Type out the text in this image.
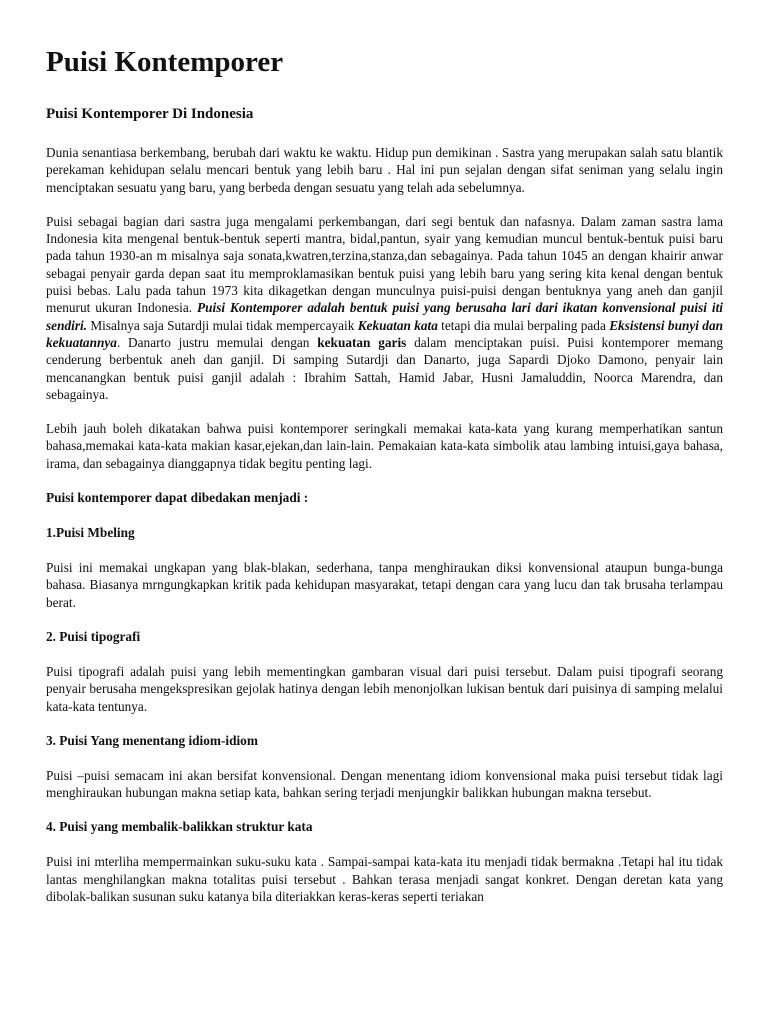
Puisi Kontemporer
Puisi Kontemporer Di Indonesia

Dunia senantiasa berkembang, berubah dari waktu ke waktu. Hidup pun demikinan . Sastra yang merupakan salah satu blantik perekaman kehidupan selalu mencari bentuk yang lebih baru . Hal ini pun sejalan dengan sifat seniman yang selalu ingin menciptakan sesuatu yang baru, yang berbeda dengan sesuatu yang telah ada sebelumnya.

Puisi sebagai bagian dari sastra juga mengalami perkembangan, dari segi bentuk dan nafasnya. Dalam zaman sastra lama Indonesia kita mengenal bentuk-bentuk seperti mantra, bidal,pantun, syair yang kemudian muncul bentuk-bentuk puisi baru pada tahun 1930-an m misalnya saja sonata,kwatren,terzina,stanza,dan sebagainya. Pada tahun 1045 an dengan khairir anwar sebagai penyair garda depan saat itu memproklamasikan bentuk puisi yang lebih baru yang sering kita kenal dengan bentuk puisi bebas. Lalu pada tahun 1973 kita dikagetkan dengan munculnya puisi-puisi dengan bentuknya yang aneh dan ganjil menurut ukuran Indonesia. Puisi Kontemporer adalah bentuk puisi yang berusaha lari dari ikatan konvensional puisi iti sendiri. Misalnya saja Sutardji mulai tidak mempercayaik Kekuatan kata tetapi dia mulai berpaling pada Eksistensi bunyi dan kekuatannya. Danarto justru memulai dengan kekuatan garis dalam menciptakan puisi. Puisi kontemporer memang cenderung berbentuk aneh dan ganjil. Di samping Sutardji dan Danarto, juga Sapardi Djoko Damono, penyair lain mencanangkan bentuk puisi ganjil adalah : Ibrahim Sattah, Hamid Jabar, Husni Jamaluddin, Noorca Marendra, dan sebagainya.

Lebih jauh boleh dikatakan bahwa puisi kontemporer seringkali memakai kata-kata yang kurang memperhatikan santun bahasa,memakai kata-kata makian kasar,ejekan,dan lain-lain. Pemakaian kata-kata simbolik atau lambing intuisi,gaya bahasa, irama, dan sebagainya dianggapnya tidak begitu penting lagi.

Puisi kontemporer dapat dibedakan menjadi :
1.Puisi Mbeling

Puisi ini memakai ungkapan yang blak-blakan, sederhana, tanpa menghiraukan diksi konvensional ataupun bunga-bunga bahasa. Biasanya mrngungkapkan kritik pada kehidupan masyarakat, tetapi dengan cara yang lucu dan tak brusaha terlampau berat.

2. Puisi tipografi

Puisi tipografi adalah puisi yang lebih mementingkan gambaran visual dari puisi tersebut. Dalam puisi tipografi seorang penyair berusaha mengekspresikan gejolak hatinya dengan lebih menonjolkan lukisan bentuk dari puisinya di samping melalui kata-kata tentunya.

3. Puisi Yang menentang idiom-idiom

Puisi –puisi semacam ini akan bersifat konvensional. Dengan menentang idiom konvensional maka puisi tersebut tidak lagi menghiraukan hubungan makna setiap kata, bahkan sering terjadi menjungkir balikkan hubungan makna tersebut.

4. Puisi yang membalik-balikkan struktur kata

Puisi ini mterliha mempermainkan suku-suku kata . Sampai-sampai kata-kata itu menjadi tidak bermakna .Tetapi hal itu tidak lantas menghilangkan makna totalitas puisi tersebut . Bahkan terasa menjadi sangat konkret. Dengan deretan kata yang dibolak-balikan susunan suku katanya bila diteriakkan keras-keras seperti teriakan
